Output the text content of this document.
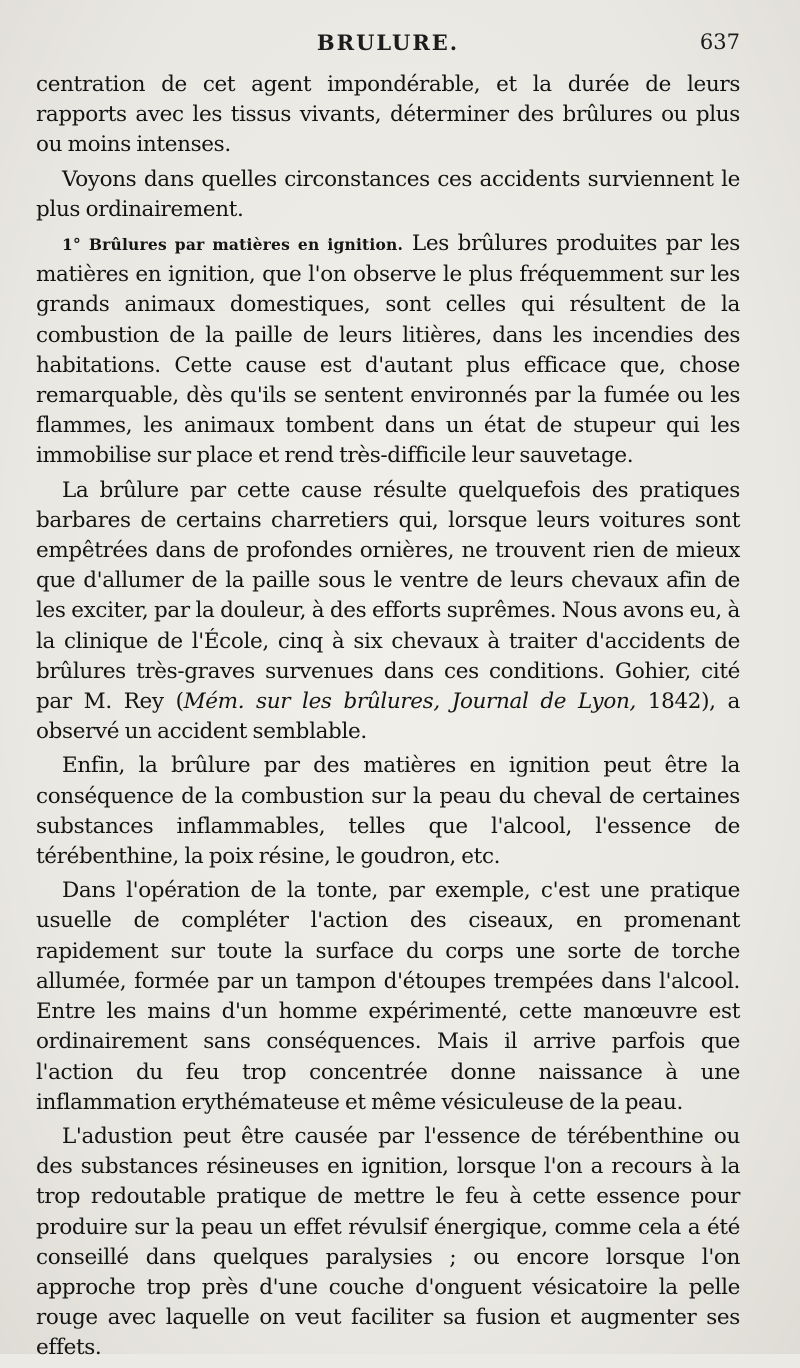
BRULURE.	637

centration de cet agent impondérable, et la durée de leurs rapports avec les tissus vivants, déterminer des brûlures ou plus ou moins intenses.

Voyons dans quelles circonstances ces accidents surviennent le plus ordinairement.

1° Brûlures par matières en ignition. Les brûlures produites par les matières en ignition, que l'on observe le plus fréquemment sur les grands animaux domestiques, sont celles qui résultent de la combustion de la paille de leurs litières, dans les incendies des habitations. Cette cause est d'autant plus efficace que, chose remarquable, dès qu'ils se sentent environnés par la fumée ou les flammes, les animaux tombent dans un état de stupeur qui les immobilise sur place et rend très-difficile leur sauvetage.

La brûlure par cette cause résulte quelquefois des pratiques barbares de certains charretiers qui, lorsque leurs voitures sont empêtrées dans de profondes ornières, ne trouvent rien de mieux que d'allumer de la paille sous le ventre de leurs chevaux afin de les exciter, par la douleur, à des efforts suprêmes. Nous avons eu, à la clinique de l'École, cinq à six chevaux à traiter d'accidents de brûlures très-graves survenues dans ces conditions. Gohier, cité par M. Rey (Mém. sur les brûlures, Journal de Lyon, 1842), a observé un accident semblable.

Enfin, la brûlure par des matières en ignition peut être la conséquence de la combustion sur la peau du cheval de certaines substances inflammables, telles que l'alcool, l'essence de térébenthine, la poix résine, le goudron, etc.

Dans l'opération de la tonte, par exemple, c'est une pratique usuelle de compléter l'action des ciseaux, en promenant rapidement sur toute la surface du corps une sorte de torche allumée, formée par un tampon d'étoupes trempées dans l'alcool. Entre les mains d'un homme expérimenté, cette manœuvre est ordinairement sans conséquences. Mais il arrive parfois que l'action du feu trop concentrée donne naissance à une inflammation erythémateuse et même vésiculeuse de la peau.

L'adustion peut être causée par l'essence de térébenthine ou des substances résineuses en ignition, lorsque l'on a recours à la trop redoutable pratique de mettre le feu à cette essence pour produire sur la peau un effet révulsif énergique, comme cela a été conseillé dans quelques paralysies ; ou encore lorsque l'on approche trop près d'une couche d'onguent vésicatoire la pelle rouge avec laquelle on veut faciliter sa fusion et augmenter ses effets.
